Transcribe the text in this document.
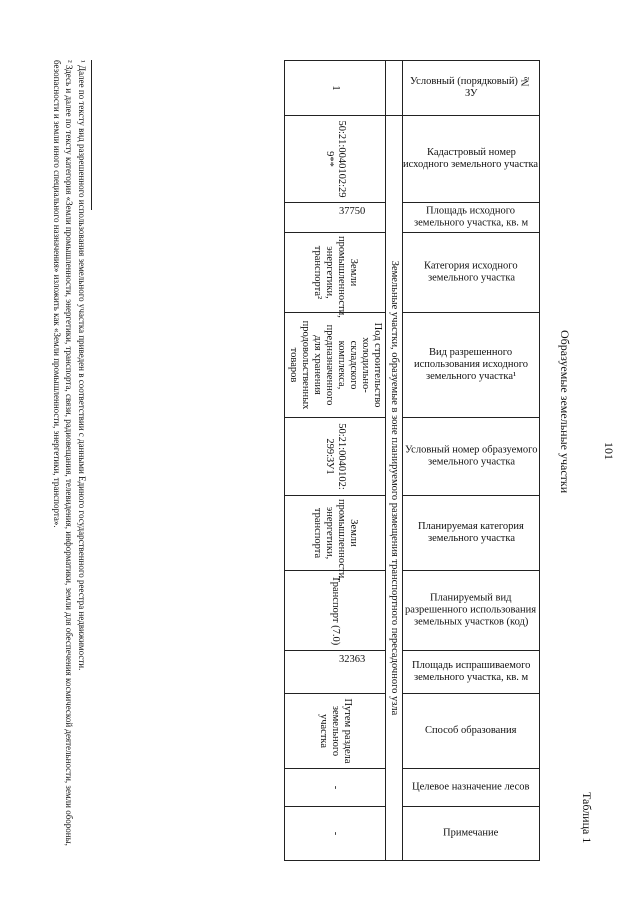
101
Таблица 1
Образуемые земельные участки
Условный (порядковый) № ЗУ	Кадастровый номер исходного земельного участка	Площадь исходного земельного участка, кв. м	Категория исходного земельного участка	Вид разрешенного использования исходного земельного участка¹	Условный номер образуемого земельного участка	Планируемая категория земельного участка	Планируемый вид разрешенного использования земельных участков (код)	Площадь испрашиваемого земельного участка, кв. м	Способ образования	Целевое назначение лесов	Примечание

	Земельные участки, образуемые в зоне планируемого размещения транспортного пересадочного узла										
1	50:21:0040102:299**	37750	Земли промышленности, энергетики, транспорта²	Под строительство холодильно-складского комплекса, предназначенного для хранения продовольственных товаров	50:21:0040102:299:ЗУ1	Земли промышленности, энергетики, транспорта	Транспорт (7.0)	32363	Путем раздела земельного участка	-	-
¹ Далее по тексту вид разрешенного использования земельного участка приведен в соответствии с данными Единого государственного реестра недвижимости.
² Здесь и далее по тексту категория «Земли промышленности, энергетики, транспорта, связи, радиовещания, телевидения, информатики, земли для обеспечения космической деятельности, земли обороны, безопасности и земли иного специального назначения» изложить как «Земли промышленности, энергетики, транспорта».
